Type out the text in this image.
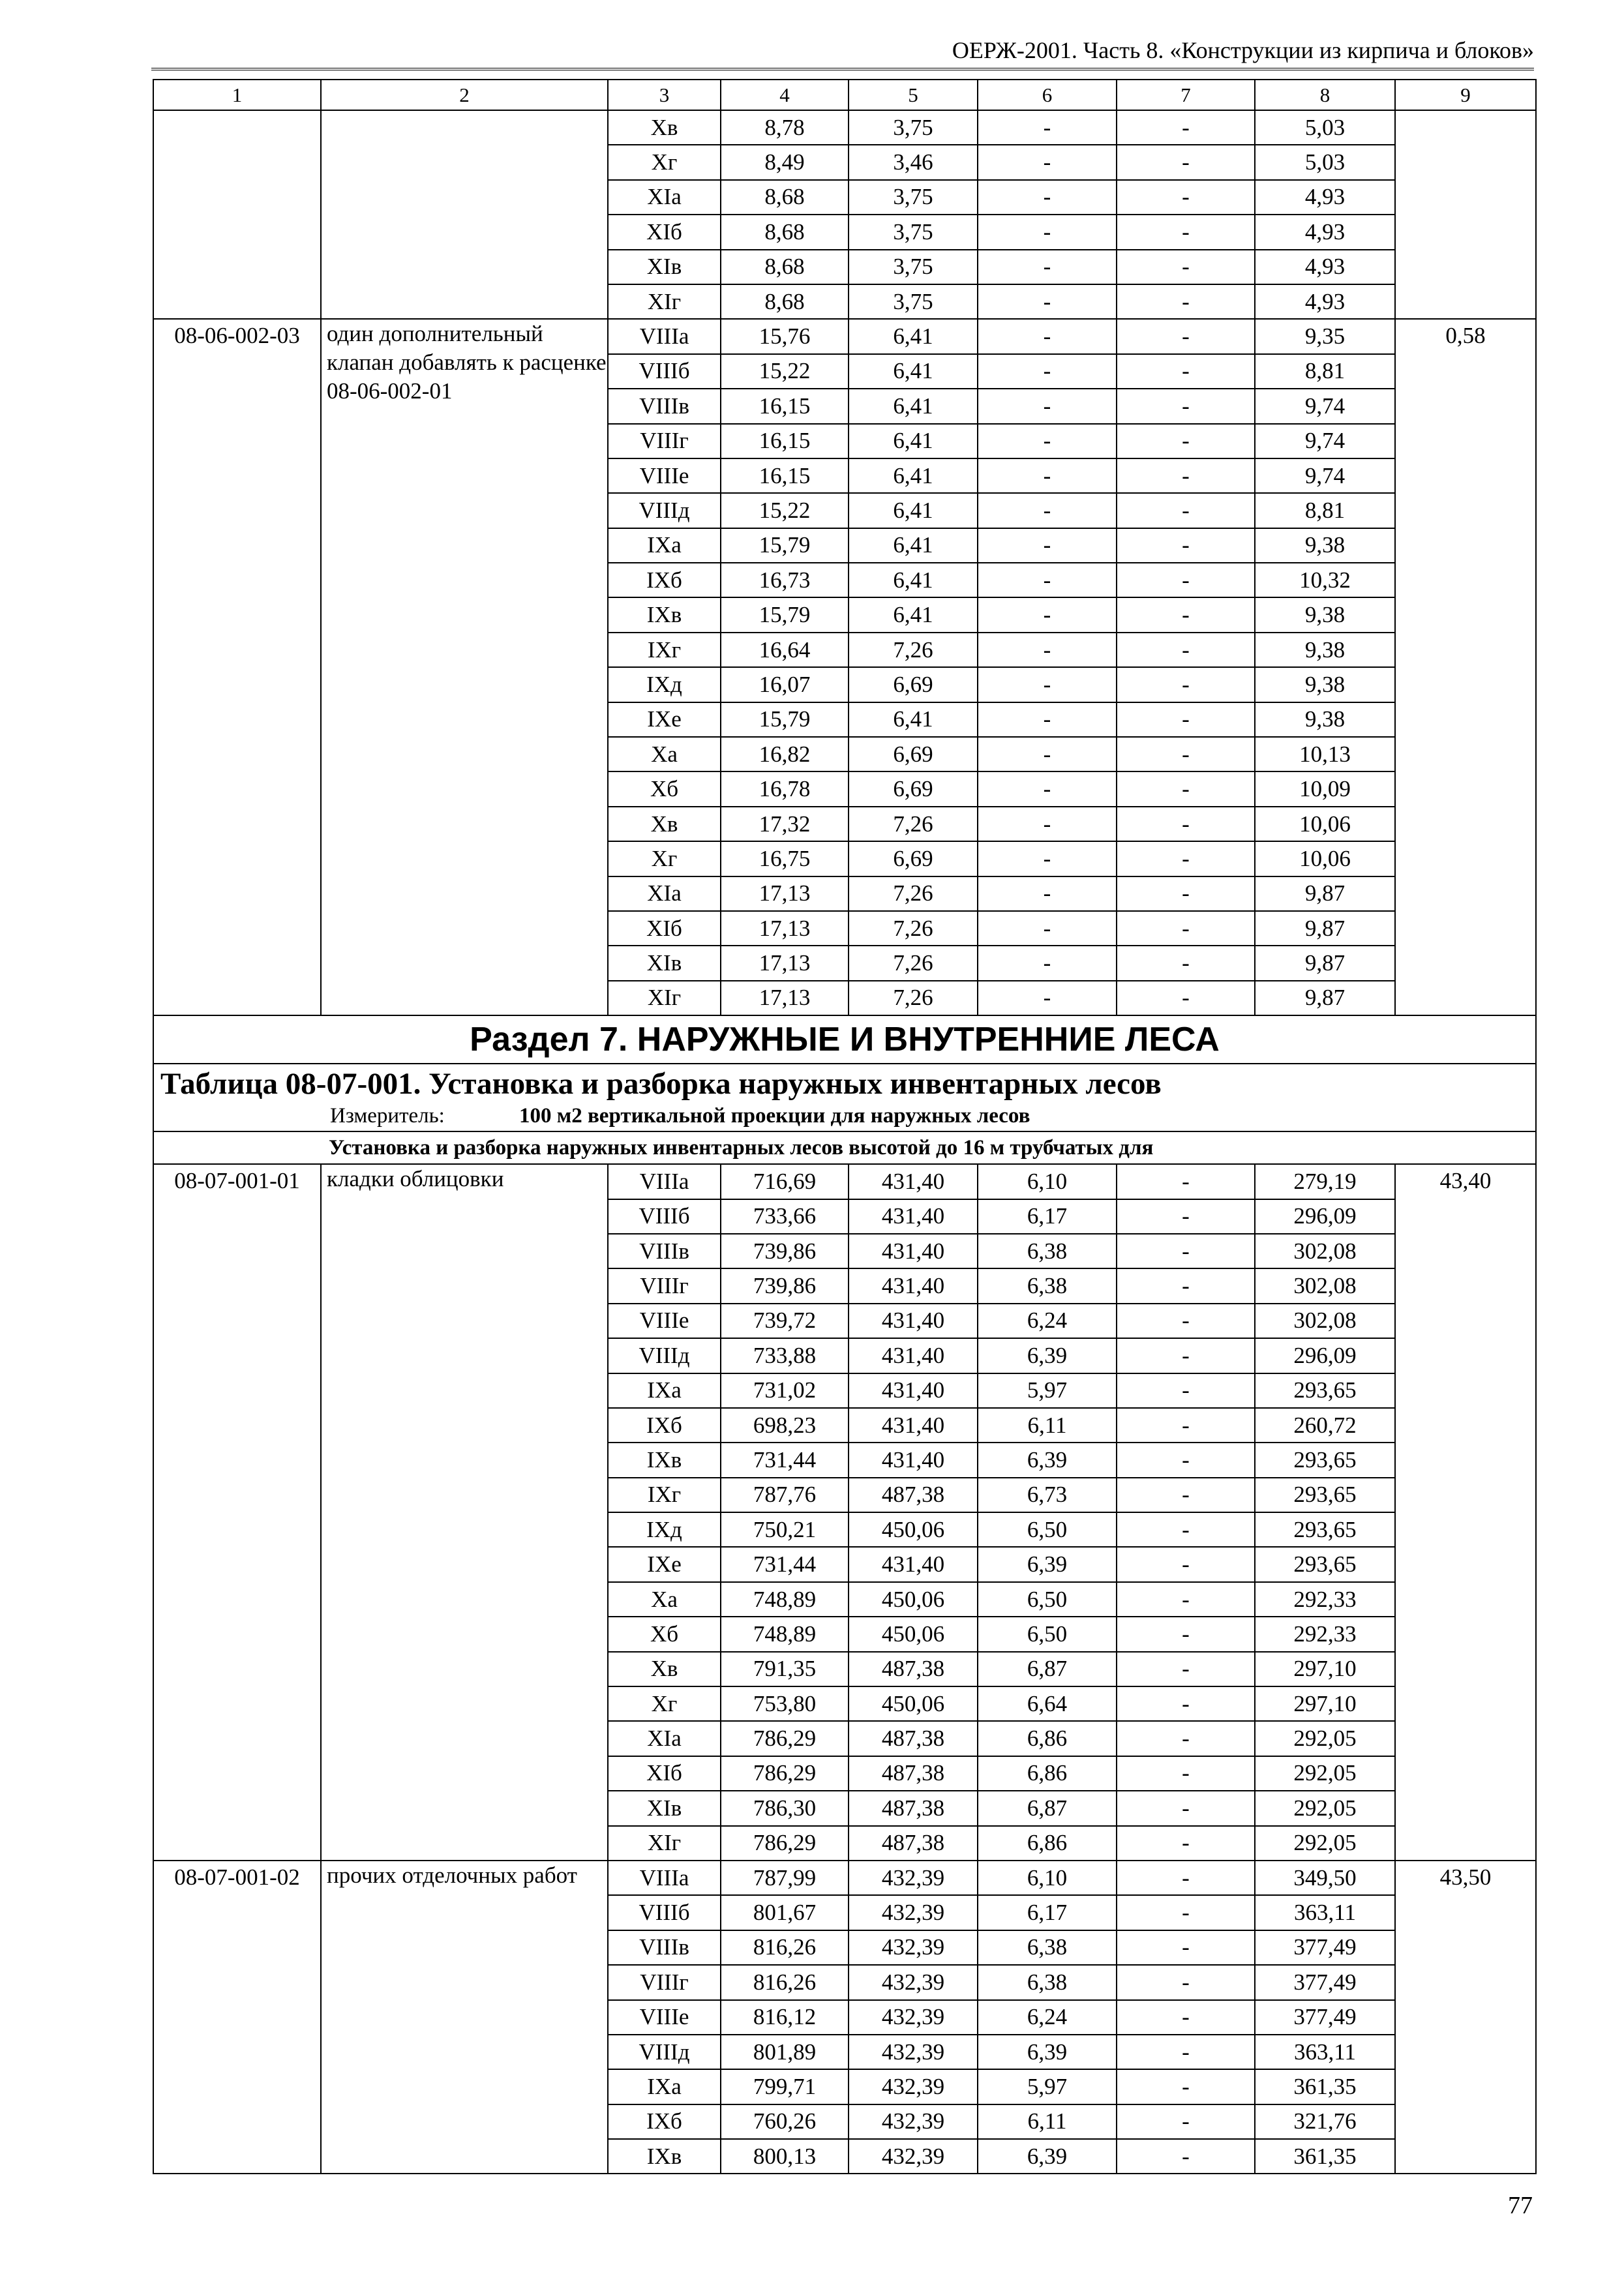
ОЕРЖ-2001. Часть 8. «Конструкции из кирпича и блоков»
1	2	3	4	5	6	7	8	9
		Хв	8,78	3,75	-	-	5,03	
		Хг	8,49	3,46	-	-	5,03	
		ХIа	8,68	3,75	-	-	4,93	
		ХIб	8,68	3,75	-	-	4,93	
		ХIв	8,68	3,75	-	-	4,93	
		ХIг	8,68	3,75	-	-	4,93	
08-06-002-03	один дополнительный клапан добавлять к расценке 08-06-002-01	VIIIа	15,76	6,41	-	-	9,35	0,58
		VIIIб	15,22	6,41	-	-	8,81	
		VIIIв	16,15	6,41	-	-	9,74	
		VIIIг	16,15	6,41	-	-	9,74	
		VIIIе	16,15	6,41	-	-	9,74	
		VIIIд	15,22	6,41	-	-	8,81	
		IХа	15,79	6,41	-	-	9,38	
		IХб	16,73	6,41	-	-	10,32	
		IХв	15,79	6,41	-	-	9,38	
		IХг	16,64	7,26	-	-	9,38	
		IХд	16,07	6,69	-	-	9,38	
		IХе	15,79	6,41	-	-	9,38	
		Ха	16,82	6,69	-	-	10,13	
		Хб	16,78	6,69	-	-	10,09	
		Хв	17,32	7,26	-	-	10,06	
		Хг	16,75	6,69	-	-	10,06	
		ХIа	17,13	7,26	-	-	9,87	
		ХIб	17,13	7,26	-	-	9,87	
		ХIв	17,13	7,26	-	-	9,87	
		ХIг	17,13	7,26	-	-	9,87	
Раздел 7. НАРУЖНЫЕ И ВНУТРЕННИЕ ЛЕСА								

Таблица 08-07-001. Установка и разборка наружных инвентарных лесов
Измеритель: 100 м2 вертикальной проекции для наружных лесов								

Установка и разборка наружных инвентарных лесов высотой до 16 м трубчатых для								
08-07-001-01	кладки облицовки	VIIIа	716,69	431,40	6,10	-	279,19	43,40
		VIIIб	733,66	431,40	6,17	-	296,09	
		VIIIв	739,86	431,40	6,38	-	302,08	
		VIIIг	739,86	431,40	6,38	-	302,08	
		VIIIе	739,72	431,40	6,24	-	302,08	
		VIIIд	733,88	431,40	6,39	-	296,09	
		IХа	731,02	431,40	5,97	-	293,65	
		IХб	698,23	431,40	6,11	-	260,72	
		IХв	731,44	431,40	6,39	-	293,65	
		IХг	787,76	487,38	6,73	-	293,65	
		IХд	750,21	450,06	6,50	-	293,65	
		IХе	731,44	431,40	6,39	-	293,65	
		Ха	748,89	450,06	6,50	-	292,33	
		Хб	748,89	450,06	6,50	-	292,33	
		Хв	791,35	487,38	6,87	-	297,10	
		Хг	753,80	450,06	6,64	-	297,10	
		ХIа	786,29	487,38	6,86	-	292,05	
		ХIб	786,29	487,38	6,86	-	292,05	
		ХIв	786,30	487,38	6,87	-	292,05	
		ХIг	786,29	487,38	6,86	-	292,05	
08-07-001-02	прочих отделочных работ	VIIIа	787,99	432,39	6,10	-	349,50	43,50
		VIIIб	801,67	432,39	6,17	-	363,11	
		VIIIв	816,26	432,39	6,38	-	377,49	
		VIIIг	816,26	432,39	6,38	-	377,49	
		VIIIе	816,12	432,39	6,24	-	377,49	
		VIIIд	801,89	432,39	6,39	-	363,11	
		IХа	799,71	432,39	5,97	-	361,35	
		IХб	760,26	432,39	6,11	-	321,76	
		IХв	800,13	432,39	6,39	-	361,35	
77
